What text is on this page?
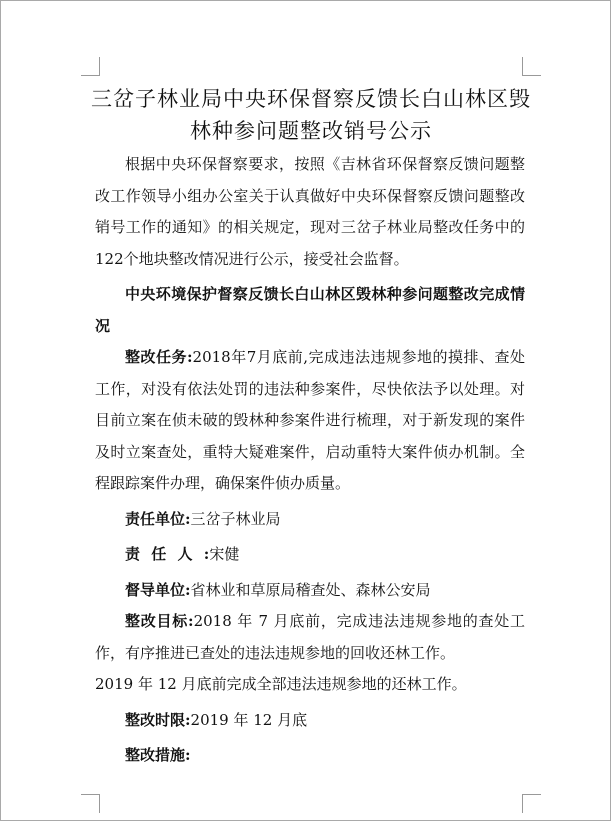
三岔子林业局中央环保督察反馈长白山林区毁林种参问题整改销号公示

根据中央环保督察要求，按照《吉林省环保督察反馈问题整改工作领导小组办公室关于认真做好中央环保督察反馈问题整改销号工作的通知》的相关规定，现对三岔子林业局整改任务中的122个地块整改情况进行公示，接受社会监督。

中央环境保护督察反馈长白山林区毁林种参问题整改完成情况

整改任务:2018年7月底前,完成违法违规参地的摸排、查处工作，对没有依法处罚的违法种参案件，尽快依法予以处理。对目前立案在侦未破的毁林种参案件进行梳理，对于新发现的案件及时立案查处，重特大疑难案件，启动重特大案件侦办机制。全程跟踪案件办理，确保案件侦办质量。

责任单位:三岔子林业局

责任人:宋健

督导单位:省林业和草原局稽查处、森林公安局

整改目标:2018 年 7 月底前，完成违法违规参地的查处工作，有序推进已查处的违法违规参地的回收还林工作。

2019 年 12 月底前完成全部违法违规参地的还林工作。

整改时限:2019 年 12 月底

整改措施:
